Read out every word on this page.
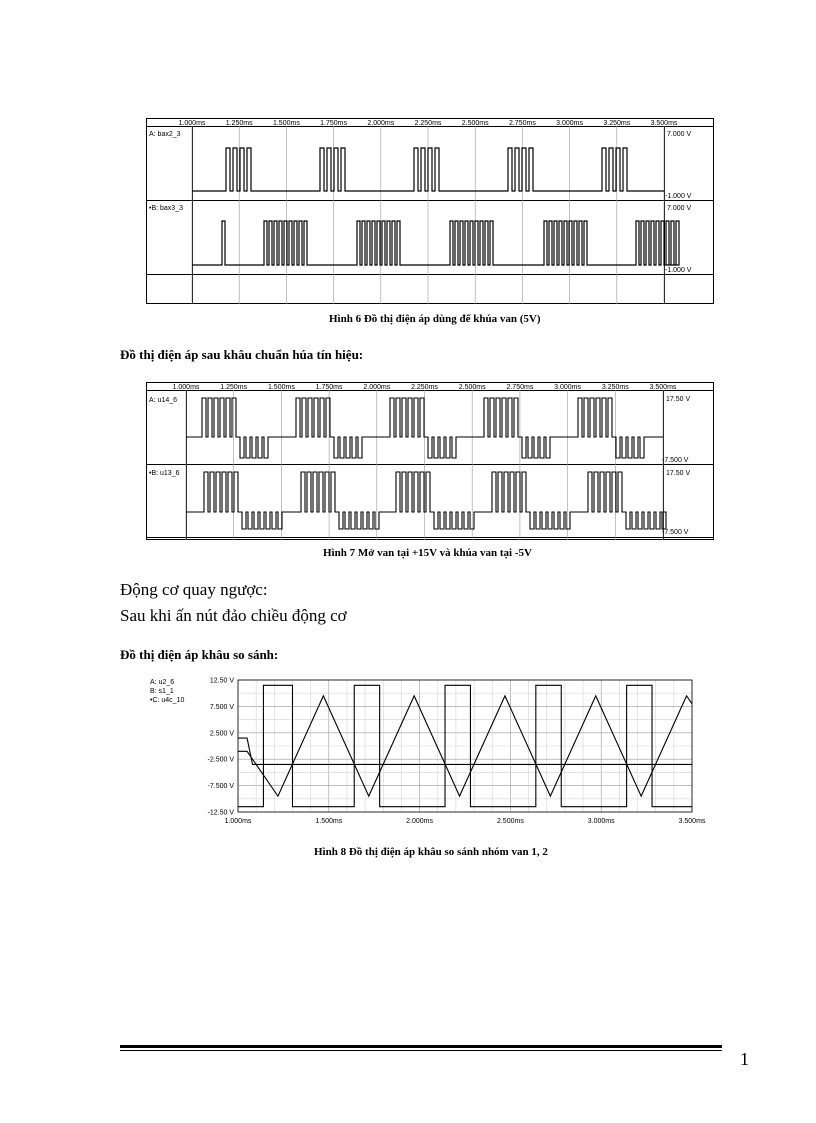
1.000ms	1.250ms	1.500ms	1.750ms	2.000ms	2.250ms	2.500ms	2.750ms	3.000ms	3.250ms	3.500ms
A: bax2_3
•B: bax3_3
7.000 V
-1.000 V
7.000 V
-1.000 V
Hình 6 Đồ thị điện áp dùng để khúa van (5V)
Đồ thị điện áp sau khâu chuẩn húa tín hiệu:
1.000ms	1.250ms	1.500ms	1.750ms	2.000ms	2.250ms	2.500ms	2.750ms	3.000ms	3.250ms	3.500ms
A: u14_6
•B: u13_6
17.50 V
-7.500 V
17.50 V
-7.500 V
Hình 7 Mở van tại +15V và khúa van tại -5V
Động cơ quay ngược:
Sau khi ấn nút đảo chiều động cơ
Đồ thị điện áp khâu so sánh:
12.50 V
7.500 V
2.500 V
-2.500 V
-7.500 V
-12.50 V
1.000ms	1.500ms	2.000ms	2.500ms	3.000ms	3.500ms
A: u2_6
B: s1_1
•C: u4c_10
Hình 8 Đồ thị điện áp khâu so sánh nhóm van 1, 2
1
